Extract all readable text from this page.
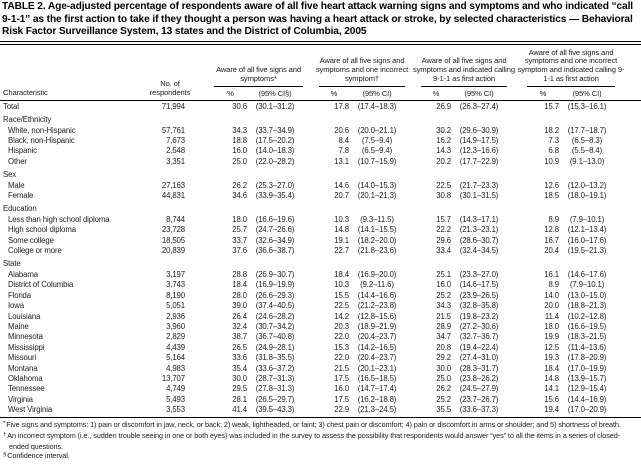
TABLE 2. Age-adjusted percentage of respondents aware of all five heart attack warning signs and symptoms and who indicated “call 9-1-1” as the first action to take if they thought a person was having a heart attack or stroke, by selected characteristics — Behavioral Risk Factor Surveillance System, 13 states and the District of Columbia, 2005
Characteristic	No. of respondents		Aware of all five signs and symptoms*			Aware of all five signs and symptoms and one incorrect symptom†			Aware of all five signs and symptoms and indicated calling 9-1-1 as first action			Aware of all five signs and symptoms and one incorrect symptom and indicated calling 9-1-1 as first action		

			%	(95% CI§)		%	(95% CI)		%	(95% CI)		%	(95% CI)	
Total	71,994		30.6	(30.1–31.2)		17.8	(17.4–18.3)		26.9	(26.3–27.4)		15.7	(15.3–16.1)	
Race/Ethnicity														
White, non-Hispanic	57,761		34.3	(33.7–34.9)		20.6	(20.0–21.1)		30.2	(29.6–30.9)		18.2	(17.7–18.7)	
Black, non-Hispanic	7,673		18.8	(17.5–20.2)		8.4	(7.5–9.4)		16.2	(14.9–17.5)		7.3	(6.5–8.3)	
Hispanic	2,548		16.0	(14.0–18.3)		7.8	(6.5–9.4)		14.3	(12.3–16.6)		6.8	(5.5–8.4)	
Other	3,351		25.0	(22.0–28.2)		13.1	(10.7–15.9)		20.2	(17.7–22.9)		10.9	(9.1–13.0)	
Sex														
Male	27,163		26.2	(25.3–27.0)		14.6	(14.0–15.3)		22.5	(21.7–23.3)		12.6	(12.0–13.2)	
Female	44,831		34.6	(33.9–35.4)		20.7	(20.1–21.3)		30.8	(30.1–31.5)		18.5	(18.0–19.1)	
Education														
Less than high school diploma	8,744		18.0	(16.6–19.6)		10.3	(9.3–11.5)		15.7	(14.3–17.1)		8.9	(7.9–10.1)	
High school diploma	23,728		25.7	(24.7–26.6)		14.8	(14.1–15.5)		22.2	(21.3–23.1)		12.8	(12.1–13.4)	
Some college	18,505		33.7	(32.6–34.9)		19.1	(18.2–20.0)		29.6	(28.6–30.7)		16.7	(16.0–17.6)	
College or more	20,839		37.6	(36.6–38.7)		22.7	(21.8–23.6)		33.4	(32.4–34.5)		20.4	(19.5–21.3)	
State														
Alabama	3,197		28.8	(26.9–30.7)		18.4	(16.9–20.0)		25.1	(23.3–27.0)		16.1	(14.6–17.6)	
District of Columbia	3,743		18.4	(16.9–19.9)		10.3	(9.2–11.6)		16.0	(14.6–17.5)		8.9	(7.9–10.1)	
Florida	8,190		28.0	(26.6–29.3)		15.5	(14.4–16.6)		25.2	(23.9–26.5)		14.0	(13.0–15.0)	
Iowa	5,051		39.0	(37.4–40.5)		22.5	(21.2–23.8)		34.3	(32.8–35.8)		20.0	(18.8–21.3)	
Louisiana	2,936		26.4	(24.6–28.2)		14.2	(12.8–15.6)		21.5	(19.8–23.2)		11.4	(10.2–12.8)	
Maine	3,960		32.4	(30.7–34.2)		20.3	(18.9–21.9)		28.9	(27.2–30.6)		18.0	(16.6–19.5)	
Minnesota	2,829		38.7	(36.7–40.8)		22.0	(20.4–23.7)		34.7	(32.7–36.7)		19.9	(18.3–21.5)	
Mississippi	4,439		26.5	(24.9–28.1)		15.3	(14.2–16.5)		20.8	(19.4–22.4)		12.5	(11.4–13.6)	
Missouri	5,164		33.6	(31.8–35.5)		22.0	(20.4–23.7)		29.2	(27.4–31.0)		19.3	(17.8–20.9)	
Montana	4,983		35.4	(33.6–37.2)		21.5	(20.1–23.1)		30.0	(28.3–31.7)		18.4	(17.0–19.9)	
Oklahoma	13,707		30.0	(28.7–31.3)		17.5	(16.5–18.5)		25.0	(23.8–26.2)		14.8	(13.9–15.7)	
Tennessee	4,749		29.5	(27.8–31.3)		16.0	(14.7–17.4)		26.2	(24.5–27.9)		14.1	(12.9–15.4)	
Virginia	5,493		28.1	(26.5–29.7)		17.5	(16.2–18.8)		25.2	(23.7–26.7)		15.6	(14.4–16.9)	
West Virginia	3,553		41.4	(39.5–43.3)		22.9	(21.3–24.5)		35.5	(33.6–37.3)		19.4	(17.0–20.9)	
*Five signs and symptoms: 1) pain or discomfort in jaw, neck, or back; 2) weak, lightheaded, or faint; 3) chest pain or discomfort; 4) pain or discomfort in arms or shoulder; and 5) shortness of breath.
†An incorrect symptom (i.e., sudden trouble seeing in one or both eyes) was included in the survey to assess the possibility that respondents would answer “yes” to all the items in a series of closed-ended questions.
§Confidence interval.
